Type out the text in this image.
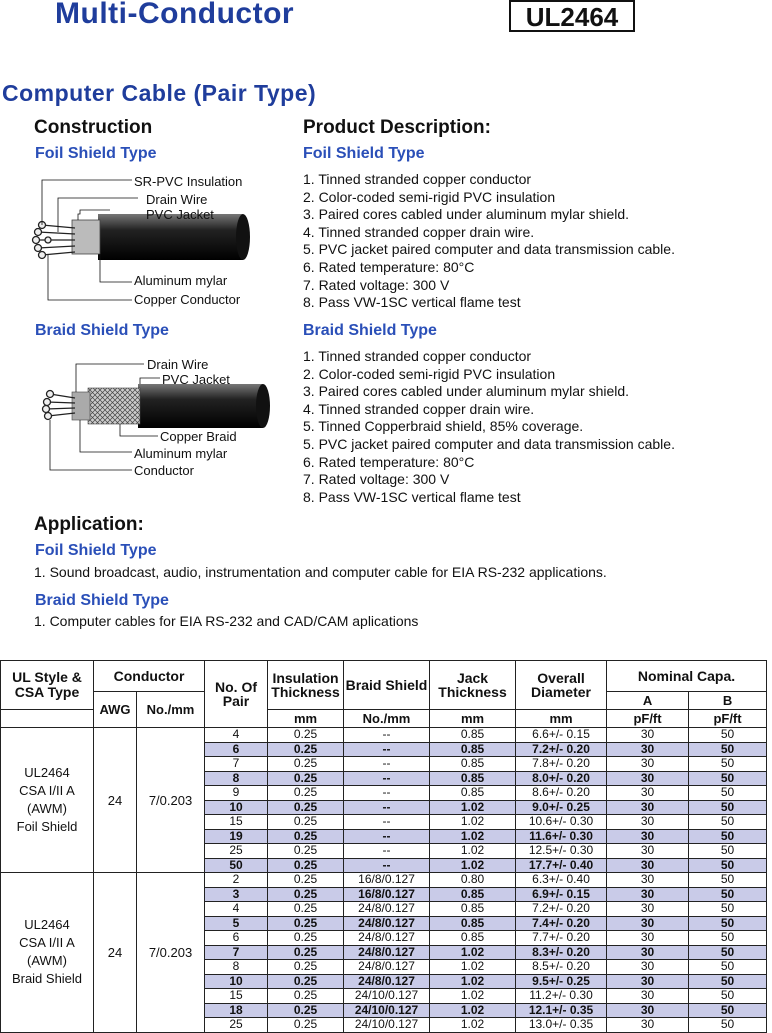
Multi-Conductor	UL2464
Computer Cable (Pair Type)
Construction
Foil Shield Type
SR-PVC Insulation
Drain Wire
PVC Jacket
Aluminum mylar
Copper Conductor
Braid Shield Type
Drain Wire
PVC Jacket
Copper Braid
Aluminum mylar
Conductor
Product Description:
Foil Shield Type
1. Tinned stranded copper conductor
2. Color-coded semi-rigid PVC insulation
3. Paired cores cabled under aluminum mylar shield.
4. Tinned stranded copper drain wire.
5. PVC jacket paired computer and data transmission cable.
6. Rated temperature: 80°C
7. Rated voltage: 300 V
8. Pass VW-1SC vertical flame test
Braid Shield Type
1. Tinned stranded copper conductor
2. Color-coded semi-rigid PVC insulation
3. Paired cores cabled under aluminum mylar shield.
4. Tinned stranded copper drain wire.
5. Tinned Copperbraid shield, 85% coverage.
5. PVC jacket paired computer and data transmission cable.
6. Rated temperature: 80°C
7. Rated voltage: 300 V
8. Pass VW-1SC vertical flame test
Application:
Foil Shield Type
1. Sound broadcast, audio, instrumentation and computer cable for EIA RS-232 applications.
Braid Shield Type
1. Computer cables for EIA RS-232 and CAD/CAM aplications
UL Style & CSA Type	Conductor		No. Of Pair	Insulation Thickness	Braid Shield	Jack Thickness	Overall Diameter	Nominal Capa.	
	AWG	No./mm						A	B
				mm	No./mm	mm	mm	pF/ft	pF/ft

UL2464
CSA I/II A
(AWM)
Foil Shield	24	7/0.203	4	0.25	--	0.85	6.6+/- 0.15	30	50
			6	0.25	--	0.85	7.2+/- 0.20	30	50
			7	0.25	--	0.85	7.8+/- 0.20	30	50
			8	0.25	--	0.85	8.0+/- 0.20	30	50
			9	0.25	--	0.85	8.6+/- 0.20	30	50
			10	0.25	--	1.02	9.0+/- 0.25	30	50
			15	0.25	--	1.02	10.6+/- 0.30	30	50
			19	0.25	--	1.02	11.6+/- 0.30	30	50
			25	0.25	--	1.02	12.5+/- 0.30	30	50
			50	0.25	--	1.02	17.7+/- 0.40	30	50

UL2464
CSA I/II A
(AWM)
Braid Shield	24	7/0.203	2	0.25	16/8/0.127	0.80	6.3+/- 0.40	30	50
			3	0.25	16/8/0.127	0.85	6.9+/- 0.15	30	50
			4	0.25	24/8/0.127	0.85	7.2+/- 0.20	30	50
			5	0.25	24/8/0.127	0.85	7.4+/- 0.20	30	50
			6	0.25	24/8/0.127	0.85	7.7+/- 0.20	30	50
			7	0.25	24/8/0.127	1.02	8.3+/- 0.20	30	50
			8	0.25	24/8/0.127	1.02	8.5+/- 0.20	30	50
			10	0.25	24/8/0.127	1.02	9.5+/- 0.25	30	50
			15	0.25	24/10/0.127	1.02	11.2+/- 0.30	30	50
			18	0.25	24/10/0.127	1.02	12.1+/- 0.35	30	50
			25	0.25	24/10/0.127	1.02	13.0+/- 0.35	30	50
